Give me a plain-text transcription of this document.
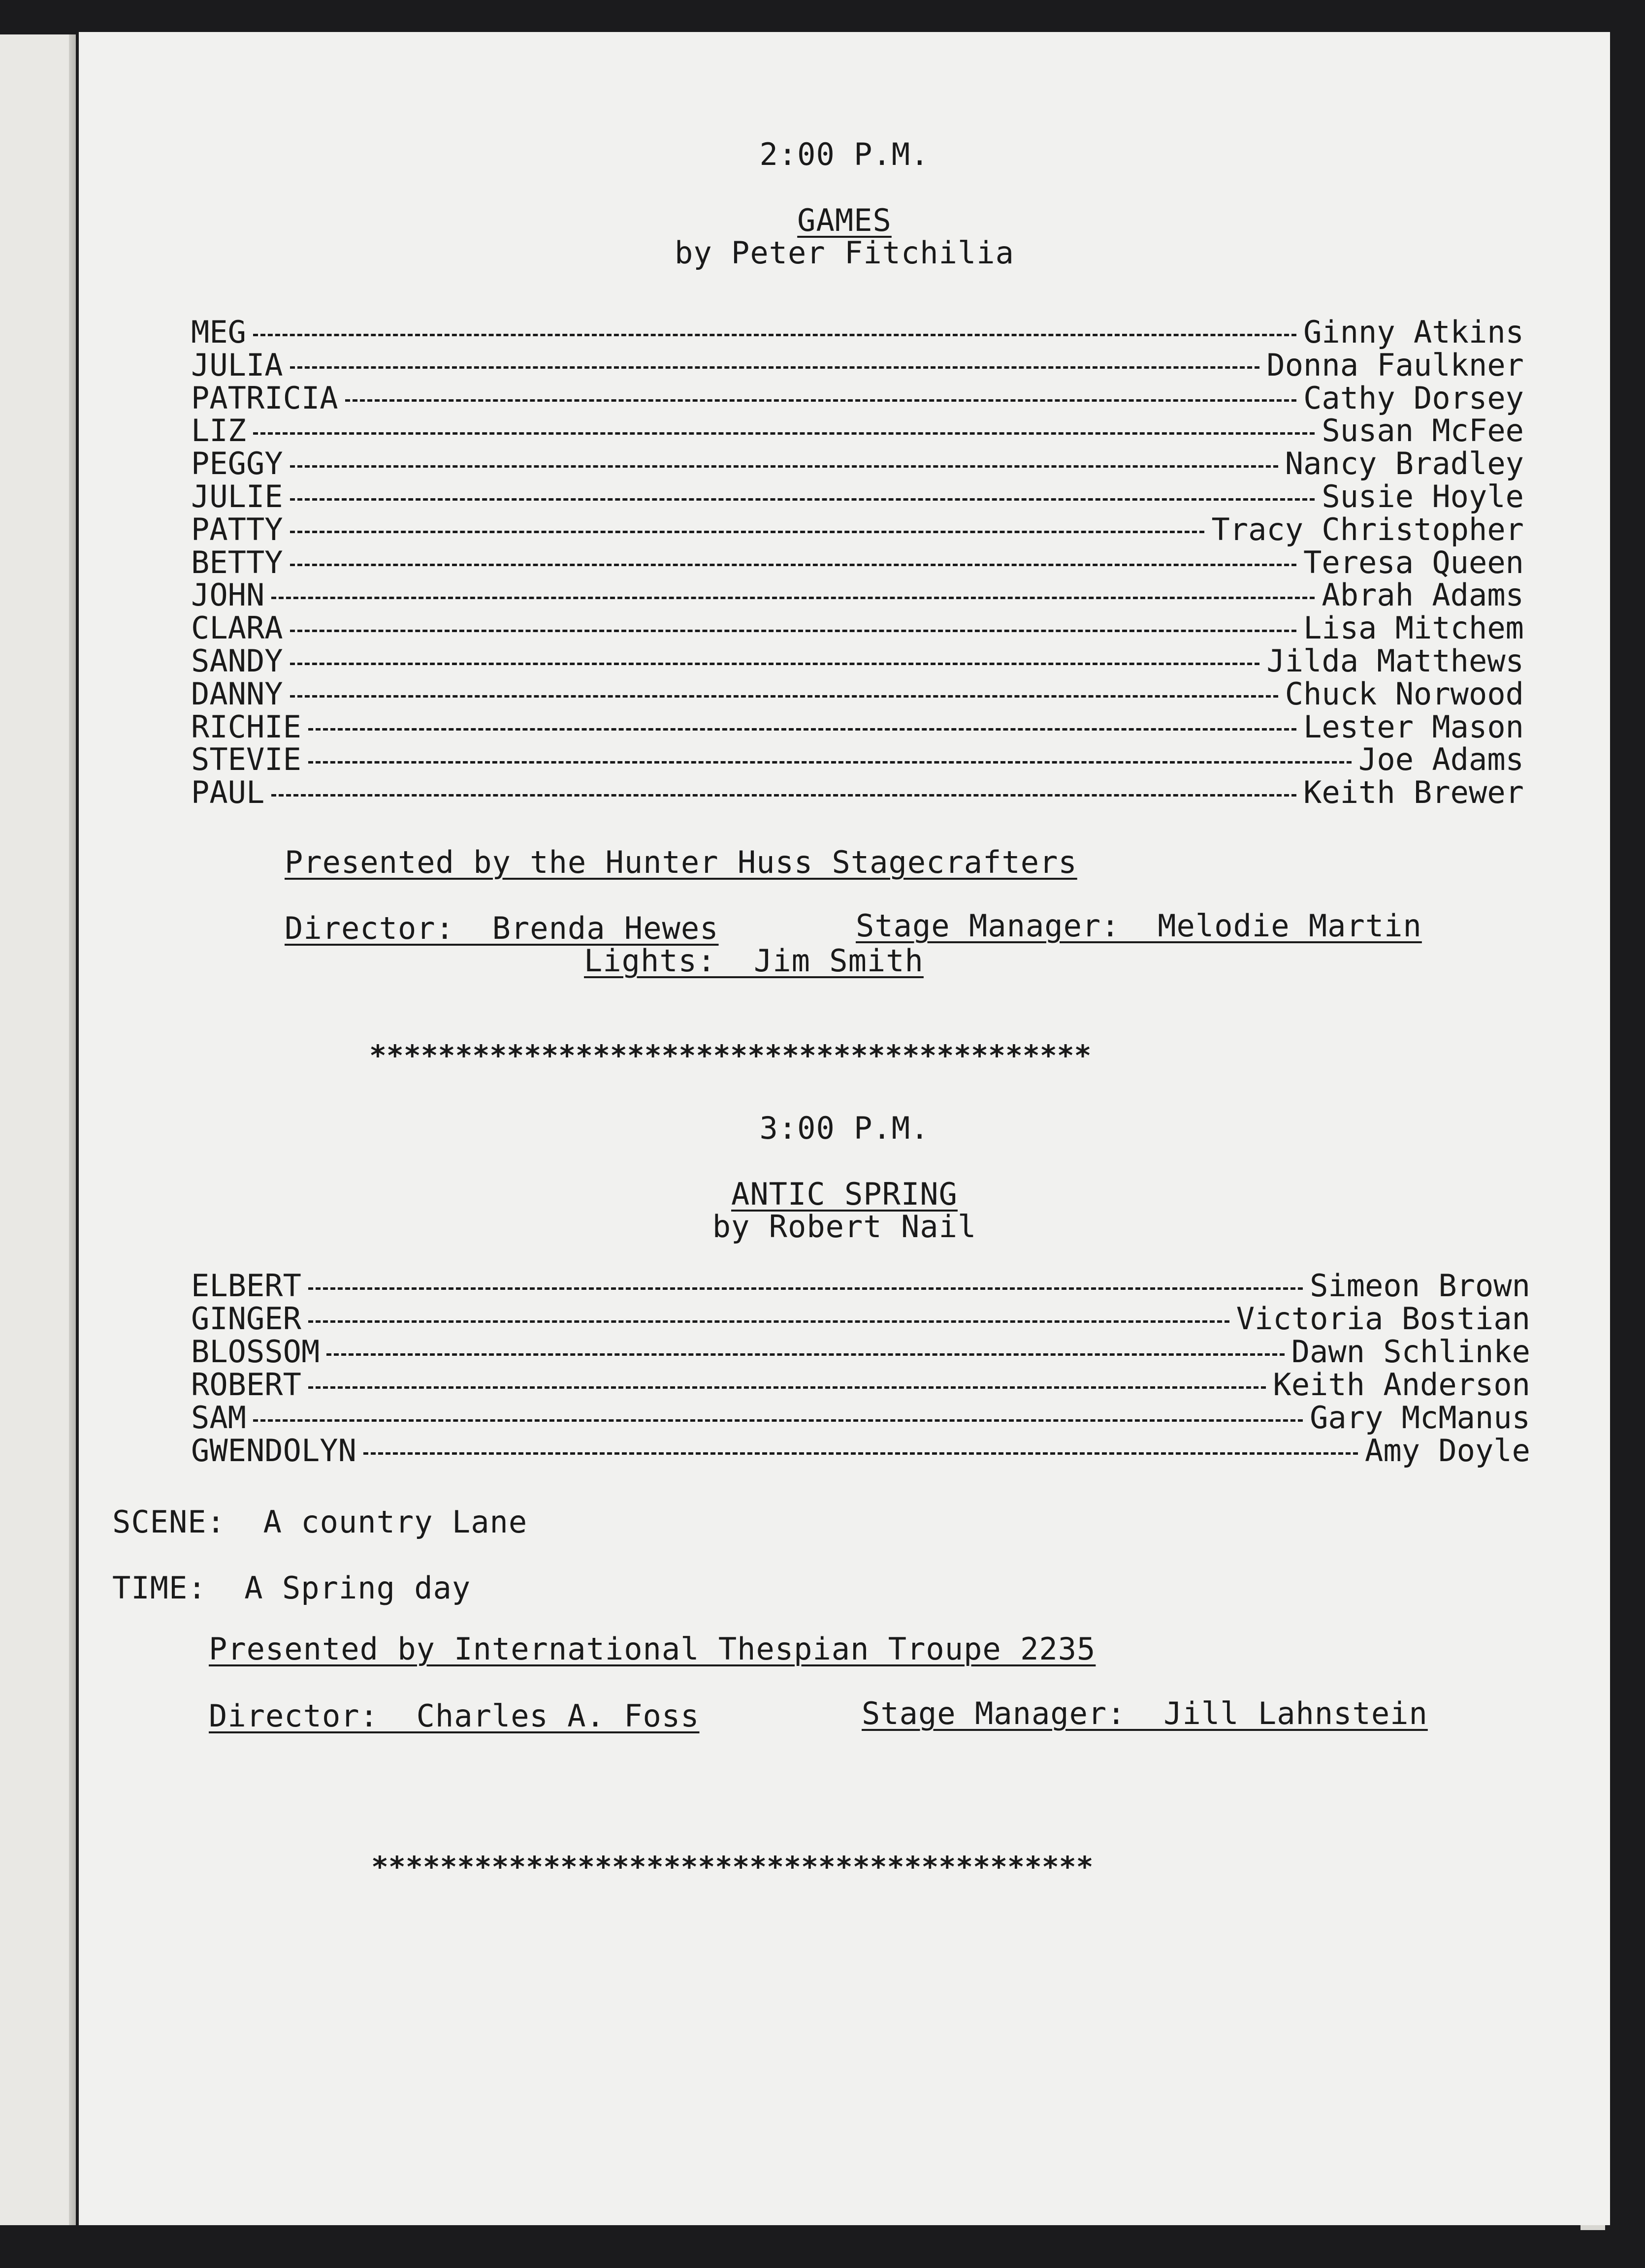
2:00 P.M.
GAMES
by Peter Fitchilia
MEG	Ginny Atkins
JULIA	Donna Faulkner
PATRICIA	Cathy Dorsey
LIZ	Susan McFee
PEGGY	Nancy Bradley
JULIE	Susie Hoyle
PATTY	Tracy Christopher
BETTY	Teresa Queen
JOHN	Abrah Adams
CLARA	Lisa Mitchem
SANDY	Jilda Matthews
DANNY	Chuck Norwood
RICHIE	Lester Mason
STEVIE	Joe Adams
PAUL	Keith Brewer
Presented by the Hunter Huss Stagecrafters
Director:  Brenda Hewes	Stage Manager:  Melodie Martin
Lights:  Jim Smith
******************************************
3:00 P.M.
ANTIC SPRING
by Robert Nail
ELBERT	Simeon Brown
GINGER	Victoria Bostian
BLOSSOM	Dawn Schlinke
ROBERT	Keith Anderson
SAM	Gary McManus
GWENDOLYN	Amy Doyle
SCENE:  A country Lane
TIME:  A Spring day
Presented by International Thespian Troupe 2235
Director:  Charles A. Foss	Stage Manager:  Jill Lahnstein
******************************************
